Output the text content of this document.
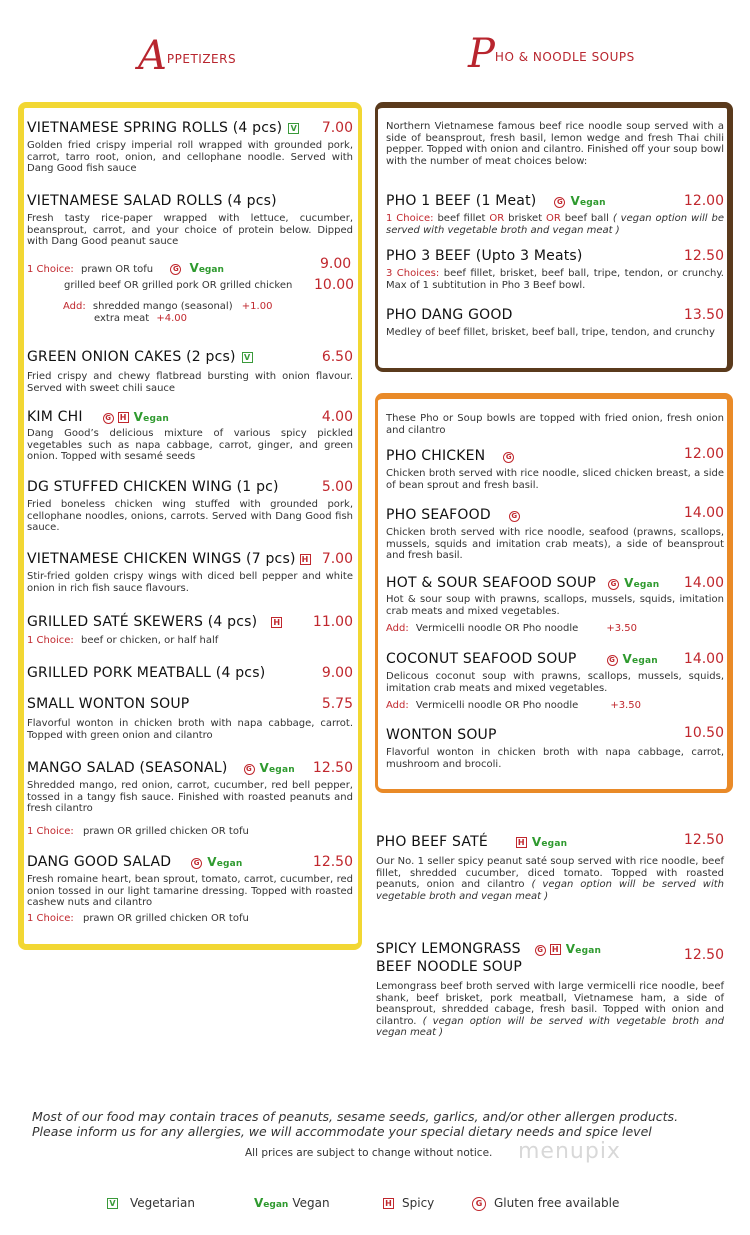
APPETIZERS	PHO & NOODLE SOUPS
VIETNAMESE SPRING ROLLS (4 pcs) V	7.00
Golden fried crispy imperial roll wrapped with grounded pork, carrot, tarro root, onion, and cellophane noodle. Served with Dang Good fish sauce
VIETNAMESE SALAD ROLLS (4 pcs)
Fresh tasty rice-paper wrapped with lettuce, cucumber, beansprout, carrot, and your choice of protein below. Dipped with Dang Good peanut sauce
1 Choice: prawn OR tofu	G Vegan	9.00
grilled beef OR grilled pork OR grilled chicken 10.00
Add: shredded mango (seasonal) +1.00
extra meat +4.00
GREEN ONION CAKES (2 pcs) V	6.50
Fried crispy and chewy flatbread bursting with onion flavour. Served with sweet chili sauce
KIM CHI	G H Vegan	4.00
Dang Good’s delicious mixture of various spicy pickled vegetables such as napa cabbage, carrot, ginger, and green onion. Topped with sesamé seeds
DG STUFFED CHICKEN WING (1 pc)	5.00
Fried boneless chicken wing stuffed with grounded pork, cellophane noodles, onions, carrots. Served with Dang Good fish sauce.
VIETNAMESE CHICKEN WINGS (7 pcs) H 7.00
Stir-fried golden crispy wings with diced bell pepper and white onion in rich fish sauce flavours.
GRILLED SATÉ SKEWERS (4 pcs) H	11.00
1 Choice: beef or chicken, or half half
GRILLED PORK MEATBALL (4 pcs)	9.00
SMALL WONTON SOUP	5.75
Flavorful wonton in chicken broth with napa cabbage, carrot. Topped with green onion and cilantro
MANGO SALAD (SEASONAL)	G Vegan	12.50
Shredded mango, red onion, carrot, cucumber, red bell pepper, tossed in a tangy fish sauce. Finished with roasted peanuts and fresh cilantro
1 Choice: prawn OR grilled chicken OR tofu
DANG GOOD SALAD	G Vegan	12.50
Fresh romaine heart, bean sprout, tomato, carrot, cucumber, red onion tossed in our light tamarine dressing. Topped with roasted cashew nuts and cilantro
1 Choice: prawn OR grilled chicken OR tofu
Northern Vietnamese famous beef rice noodle soup served with a side of beansprout, fresh basil, lemon wedge and fresh Thai chili pepper. Topped with onion and cilantro. Finished off your soup bowl with the number of meat choices below:
PHO 1 BEEF (1 Meat)	G Vegan	12.00
1 Choice: beef fillet OR brisket OR beef ball ( vegan option will be served with vegetable broth and vegan meat )
PHO 3 BEEF (Upto 3 Meats)	12.50
3 Choices: beef fillet, brisket, beef ball, tripe, tendon, or crunchy. Max of 1 subtitution in Pho 3 Beef bowl.
PHO DANG GOOD	13.50
Medley of beef fillet, brisket, beef ball, tripe, tendon, and crunchy
These Pho or Soup bowls are topped with fried onion, fresh onion and cilantro
PHO CHICKEN	G	12.00
Chicken broth served with rice noodle, sliced chicken breast, a side of bean sprout and fresh basil.
PHO SEAFOOD	G	14.00
Chicken broth served with rice noodle, seafood (prawns, scallops, mussels, squids and imitation crab meats), a side of beansprout and fresh basil.
HOT & SOUR SEAFOOD SOUP G Vegan	14.00
Hot & sour soup with prawns, scallops, mussels, squids, imitation crab meats and mixed vegetables.
Add: Vermicelli noodle OR Pho noodle	+3.50
COCONUT SEAFOOD SOUP	G Vegan	14.00
Delicous coconut soup with prawns, scallops, mussels, squids, imitation crab meats and mixed vegetables.
Add: Vermicelli noodle OR Pho noodle	+3.50
WONTON SOUP	10.50
Flavorful wonton in chicken broth with napa cabbage, carrot, mushroom and brocoli.
PHO BEEF SATÉ	H Vegan	12.50
Our No. 1 seller spicy peanut saté soup served with rice noodle, beef fillet, shredded cucumber, diced tomato. Topped with roasted peanuts, onion and cilantro ( vegan option will be served with vegetable broth and vegan meat )
SPICY LEMONGRASS G H Vegan
BEEF NOODLE SOUP
12.50
Lemongrass beef broth served with large vermicelli rice noodle, beef shank, beef brisket, pork meatball, Vietnamese ham, a side of beansprout, shredded cabage, fresh basil. Topped with onion and cilantro. ( vegan option will be served with vegetable broth and vegan meat )
Most of our food may contain traces of peanuts, sesame seeds, garlics, and/or other allergen products. Please inform us for any allergies, we will accommodate your special dietary needs and spice level
All prices are subject to change without notice. menupix
V Vegetarian	Vegan Vegan	H Spicy	G Gluten free available
